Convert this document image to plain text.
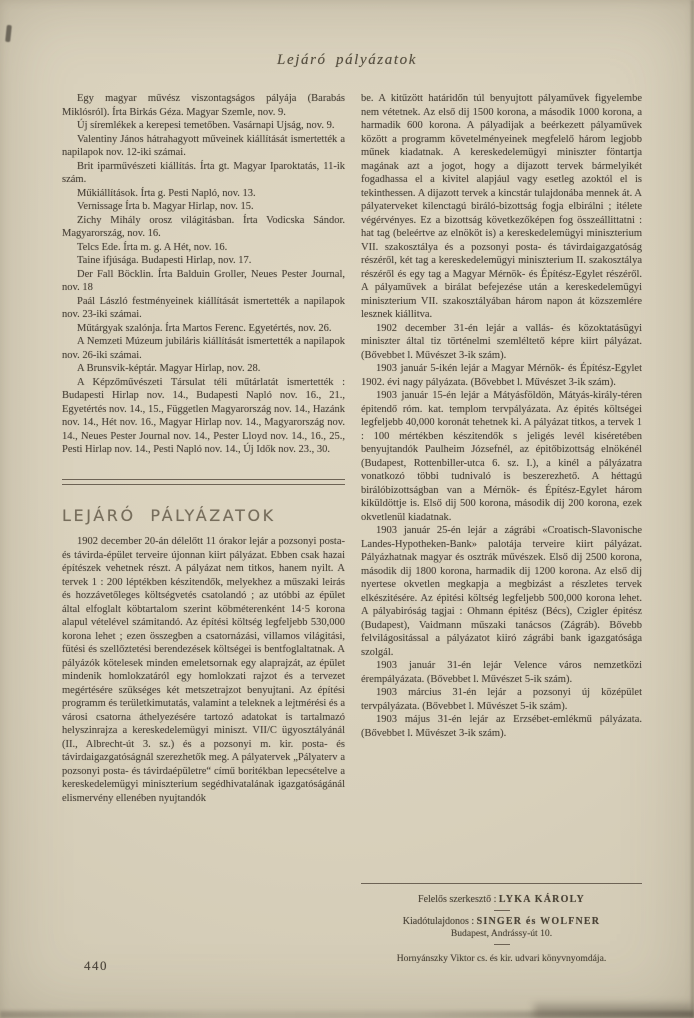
Lejáró pályázatok

Egy magyar művész viszontagságos pályája (Barabás Miklósról). Írta Birkás Géza. Magyar Szemle, nov. 9.

Új síremlékek a kerepesi temetőben. Vasárnapi Ujság, nov. 9.

Valentiny János hátrahagyott műveinek kiállítását ismertették a napilapok nov. 12-iki számai.

Brit iparművészeti kiállítás. Írta gt. Magyar Iparoktatás, 11-ik szám.

Műkiállítások. Írta g. Pesti Napló, nov. 13.

Vernissage Írta b. Magyar Hirlap, nov. 15.

Zichy Mihály orosz világitásban. Írta Vodicska Sándor. Magyarország, nov. 16.

Telcs Ede. Írta m. g. A Hét, nov. 16.

Taine ifjúsága. Budapesti Hirlap, nov. 17.

Der Fall Böcklin. Írta Balduin Groller, Neues Pester Journal, nov. 18

Paál László festményeinek kiállítását ismertették a napilapok nov. 23-iki számai.

Műtárgyak szalónja. Írta Martos Ferenc. Egyetértés, nov. 26.

A Nemzeti Múzeum jubiláris kiállítását ismertették a napilapok nov. 26-iki számai.

A Brunsvik-képtár. Magyar Hirlap, nov. 28.

A Képzőművészeti Társulat téli műtárlatát ismertették : Budapesti Hirlap nov. 14., Budapesti Napló nov. 16., 21., Egyetértés nov. 14., 15., Független Magyarország nov. 14., Hazánk nov. 14., Hét nov. 16., Magyar Hirlap nov. 14., Magyarország nov. 14., Neues Pester Journal nov. 14., Pester Lloyd nov. 14., 16., 25., Pesti Hirlap nov. 14., Pesti Napló nov. 14., Új Idők nov. 23., 30.

LEJÁRÓ PÁLYÁZATOK

1902 december 20-án délelőtt 11 órakor lejár a pozsonyi posta- és távirda-épület terveire újonnan kiirt pályázat. Ebben csak hazai építészek vehetnek részt. A pályázat nem titkos, hanem nyilt. A tervek 1 : 200 léptékben készitendők, melyekhez a műszaki leirás és hozzávetőleges költségvetés csatolandó ; az utóbbi az épület által elfoglalt köbtartalom szerint köbméterenként 14·5 korona alapul vételével számitandó. Az építési költség legfeljebb 530,000 korona lehet ; ezen összegben a csatornázási, villamos világitási, fütési és szellőztetési berendezések költségei is bentfoglaltatnak. A pályázók kötelesek minden emeletsornak egy alaprajzát, az épület mindenik homlokzatáról egy homlokzati rajzot és a tervezet megértésére szükséges két metszetrajzot benyujtani. Az építési programm és területkimutatás, valamint a teleknek a lejtmérési és a városi csatorna áthelyezésére tartozó adatokat is tartalmazó helyszinrajza a kereskedelemügyi miniszt. VII/C ügyosztályánál (II., Albrecht-út 3. sz.) és a pozsonyi m. kir. posta- és távirdaigazgatóságnál szerezhetők meg. A pályatervek „Pályaterv a pozsonyi posta- és távirdaépületre“ című boritékban lepecsételve a kereskedelemügyi miniszterium segédhivatalának igazgatóságánál elismervény ellenében nyujtandók

be. A kitűzött határidőn túl benyujtott pályaművek figyelembe nem vétetnek. Az első dij 1500 korona, a második 1000 korona, a harmadik 600 korona. A pályadijak a beérkezett pályaművek között a programm követelményeinek megfelelő három legjobb műnek kiadatnak. A kereskedelemügyi miniszter föntartja magának azt a jogot, hogy a dijazott tervek bármelyikét fogadhassa el a kivitel alapjául vagy esetleg azoktól el is tekinthessen. A dijazott tervek a kincstár tulajdonába mennek át. A pályaterveket kilenctagú biráló-bizottság fogja elbirálni ; itélete végérvényes. Ez a bizottság következőképen fog összeállittatni : hat tag (beleértve az elnököt is) a kereskedelemügyi miniszterium VII. szakosztálya és a pozsonyi posta- és távirdaigazgatóság részéről, két tag a kereskedelemügyi miniszterium II. szakosztálya részéről és egy tag a Magyar Mérnök- és Építész-Egylet részéről. A pályaművek a birálat befejezése után a kereskedelemügyi miniszterium VII. szakosztályában három napon át közszemlére lesznek kiállitva.

1902 december 31-én lejár a vallás- és közoktatásügyi miniszter által tiz történelmi szemléltető képre kiirt pályázat. (Bővebbet l. Művészet 3-ik szám).

1903 január 5-ikén lejár a Magyar Mérnök- és Építész-Egylet 1902. évi nagy pályázata. (Bővebbet l. Művészet 3-ik szám).

1903 január 15-én lejár a Mátyásföldön, Mátyás-király-téren épitendő róm. kat. templom tervpályázata. Az épités költségei legfeljebb 40,000 koronát tehetnek ki. A pályázat titkos, a tervek 1 : 100 mértékben készitendők s jeligés levél kiséretében benyujtandók Paulheim Józsefnél, az épitőbizottság elnökénél (Budapest, Rottenbiller-utca 6. sz. I.), a kinél a pályázatra vonatkozó többi tudnivaló is beszerezhető. A héttagú birálóbizottságban van a Mérnök- és Építész-Egylet három kiküldöttje is. Első dij 500 korona, második dij 200 korona, ezek okvetlenül kiadatnak.

1903 január 25-én lejár a zágrábi «Croatisch-Slavonische Landes-Hypotheken-Bank» palotája terveire kiirt pályázat. Pályázhatnak magyar és osztrák művészek. Első dij 2500 korona, második dij 1800 korona, harmadik dij 1200 korona. Az első dij nyertese okvetlen megkapja a megbizást a részletes tervek elkészitésére. Az épitési költség legfeljebb 500,000 korona lehet. A pályabiróság tagjai : Ohmann épitész (Bécs), Czigler épitész (Budapest), Vaidmann műszaki tanácsos (Zágráb). Bővebb felvilágositással a pályázatot kiiró zágrábi bank igazgatósága szolgál.

1903 január 31-én lejár Velence város nemzetközi érempályázata. (Bővebbet l. Művészet 5-ik szám).

1903 március 31-én lejár a pozsonyi új középület tervpályázata. (Bővebbet l. Művészet 5-ik szám).

1903 május 31-én lejár az Erzsébet-emlékmű pályázata. (Bővebbet l. Művészet 3-ik szám).

Felelős szerkesztő : LYKA KÁROLY

Kiadótulajdonos : SINGER és WOLFNER

Budapest, Andrássy-út 10.

Hornyánszky Viktor cs. és kir. udvari könyvnyomdája.

440
